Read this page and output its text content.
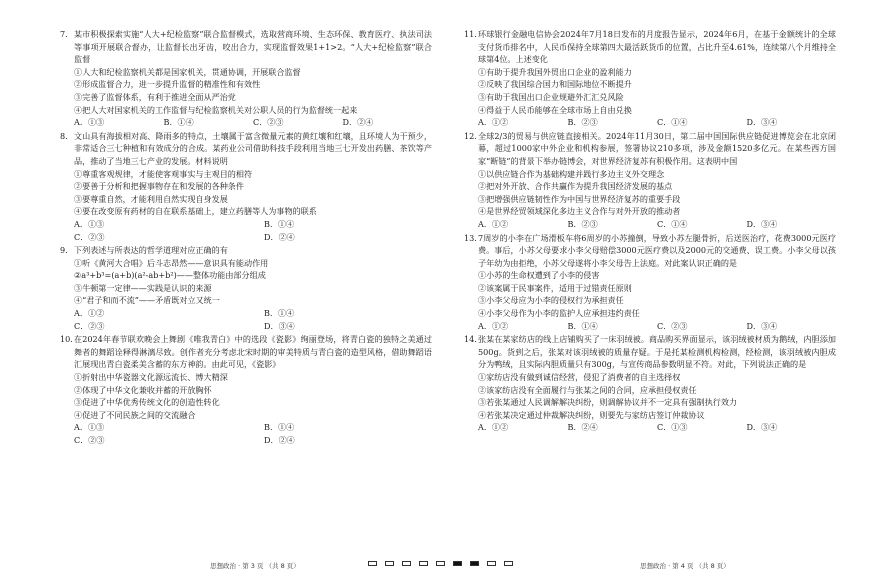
7. 某市积极探索实施“人大+纪检监察”联合监督模式，选取营商环境、生态环保、教育医疗、执法司法等事项开展联合督办，让监督长出牙齿，咬出合力，实现监督效果1+1>2。“人大+纪检监察”联合监督
①人大和纪检监察机关都是国家机关，贯通协调，开展联合监督
②形成监督合力，进一步提升监督的精准性和有效性
③完善了监督体系，有利于推进全面从严治党
④把人大对国家机关的工作监督与纪检监察机关对公职人员的行为监督统一起来
A．①③	B．①④	C．②③	D．②④
8. 文山具有海拔相对高、降雨多的特点，土壤属于富含微量元素的黄红壤和红壤，且环境人为干预少，非常适合三七种植和有效成分的合成。某药业公司借助科技手段利用当地三七开发出药膳、茶饮等产品，推动了当地三七产业的发展。材料说明
①尊重客观规律，才能使客观事实与主观目的相符
②要善于分析和把握事物存在和发展的各种条件
③要尊重自然，才能利用自然实现自身发展
④要在改变原有药材的自在联系基础上，建立药膳等人为事物的联系
A．①③	B．①④
C．②③	D．②④
9. 下列表述与所表达的哲学道理对应正确的有
①听《黄河大合唱》后斗志昂然——意识具有能动作用
②a³+b³=(a+b)(a²-ab+b²)——整体功能由部分组成
③牛顿第一定律——实践是认识的来源
④“君子和而不流”——矛盾既对立又统一
A．①②	B．①④
C．②③	D．③④
10. 在2024年春节联欢晚会上舞剧《唯我青白》中的选段《瓷影》绚丽登场，将青白瓷的独特之美通过舞者的舞蹈诠释得淋漓尽致。创作者充分考虑北宋时期的审美特质与青白瓷的造型风格，借助舞蹈语汇展现出青白瓷柔美含蓄的东方神韵。由此可见，《瓷影》
①折射出中华瓷器文化源远流长、博大精深
②体现了中华文化兼收并蓄的开放胸怀
③促进了中华优秀传统文化的创造性转化
④促进了不同民族之间的交流融合
A．①③	B．①④
C．②③	D．②④
11. 环球银行金融电信协会2024年7月18日发布的月度报告显示，2024年6月，在基于金额统计的全球支付货币排名中，人民币保持全球第四大最活跃货币的位置，占比升至4.61%，连续第八个月维持全球第4位。上述变化
①有助于提升我国外贸出口企业的盈利能力
②反映了我国综合国力和国际地位不断提升
③有助于我国出口企业规避外汇汇兑风险
④得益于人民币能够在全球市场上自由兑换
A．①②	B．②③	C．①④	D．③④
12. 全球2/3的贸易与供应链直接相关。2024年11月30日，第二届中国国际供应链促进博览会在北京闭幕，超过1000家中外企业和机构参展，签署协议210多项，涉及金额1520多亿元。在某些西方国家“断链”的背景下举办链博会，对世界经济复苏有积极作用。这表明中国
①以供应链合作为基础构建并践行多边主义外交理念
②把对外开放、合作共赢作为提升我国经济发展的基点
③把增强供应链韧性作为中国与世界经济复苏的重要手段
④是世界经贸领域深化多边主义合作与对外开放的推动者
A．①②	B．②③	C．①④	D．③④
13. 7周岁的小李在广场滑板车将6周岁的小苏撞倒，导致小苏左腿骨折，后送医治疗，花费3000元医疗费。事后，小苏父母要求小李父母赔偿3000元医疗费以及2000元的交通费、误工费。小李父母以孩子年幼为由拒绝，小苏父母遂将小李父母告上法庭。对此案认识正确的是
①小苏的生命权遭到了小李的侵害
②该案属于民事案件，适用于过错责任原则
③小李父母应为小李的侵权行为承担责任
④小李父母作为小李的监护人应承担违约责任
A．①②	B．①④	C．②③	D．③④
14. 张某在某家纺店的线上店铺购买了一床羽绒被。商品购买界面显示，该羽绒被材质为鹅绒，内胆添加500g。货到之后，张某对该羽绒被的质量存疑。于是托某检测机构检测，经检测，该羽绒被内胆成分为鸭绒，且实际内胆质量只有300g，与宣传商品参数明显不符。对此，下列说法正确的是
①家纺店没有做到诚信经营，侵犯了消费者的自主选择权
②该家纺店没有全面履行与张某之间的合同，应承担侵权责任
③若张某通过人民调解解决纠纷，则调解协议并不一定具有强制执行效力
④若张某决定通过仲裁解决纠纷，则要先与家纺店签订仲裁协议
A．①②	B．②④	C．①③	D．③④
思想政治 · 第 3 页 （共 8 页）	思想政治 · 第 4 页 （共 8 页）
